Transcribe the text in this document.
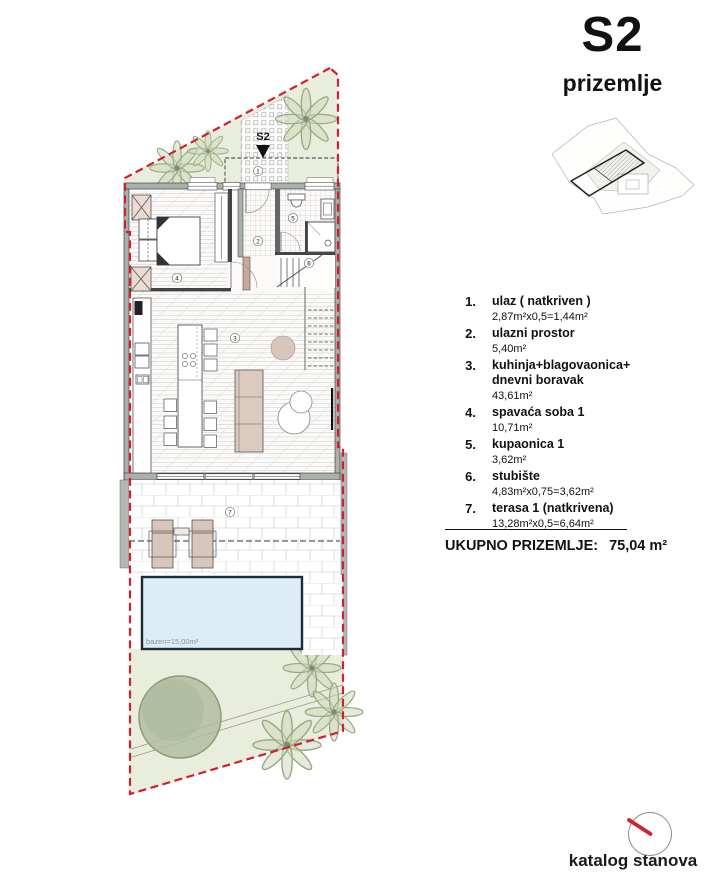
S2
bazen=15,00m²
1
2
3
4
5
6
7
S2
prizemlje
1. ulaz ( natkriven )
2,87m²x0,5=1,44m²
2. ulazni prostor
5,40m²
3. kuhinja+blagovaonica+
dnevni boravak
43,61m²
4. spavaća soba 1
10,71m²
5. kupaonica 1
3,62m²
6. stubište
4,83m²x0,75=3,62m²
7. terasa 1 (natkrivena)
13,28m²x0,5=6,64m²
UKUPNO PRIZEMLJE: 75,04 m²
katalog stanova
